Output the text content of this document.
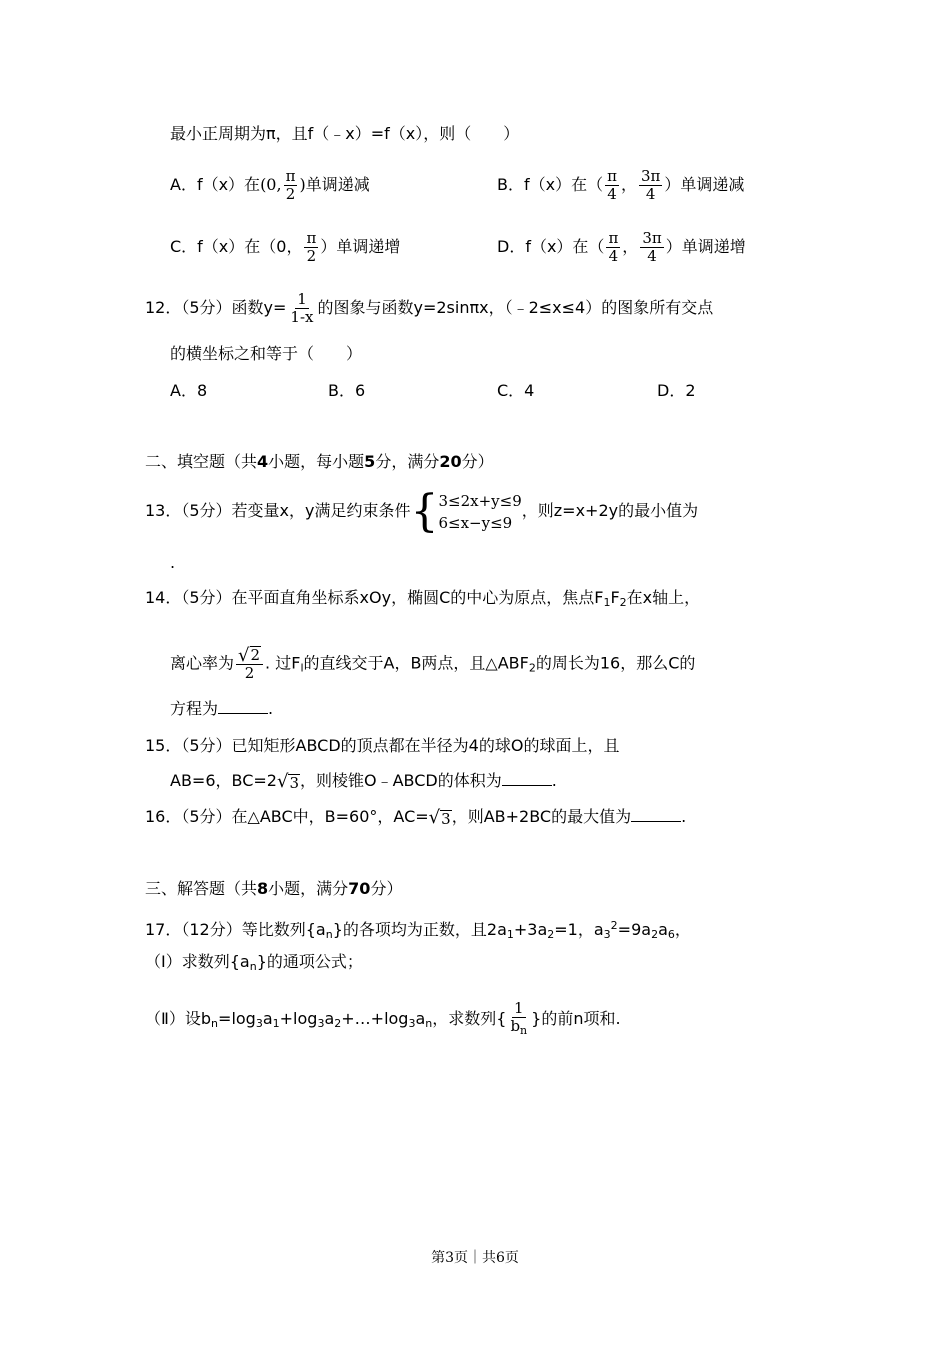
最小正周期为π，且f（﹣x）=f（x），则（　　）
A．f（x）在(0, $\frac{\pi}{2}$ )单调递减	B．f（x）在（ $\frac{\pi}{4}$ ， $\frac{3\pi}{4}$ ）单调递减
C．f（x）在（0， $\frac{\pi}{2}$ ）单调递增	D．f（x）在（ $\frac{\pi}{4}$ ， $\frac{3\pi}{4}$ ）单调递增
12．（5分）函数$y= \frac{1}{1-x}$ 的图象与函数y=2sinπx，（﹣2≤x≤4）的图象所有交点
的横坐标之和等于（　　）
A．8	B．6	C．4	D．2
二、填空题（共4小题，每小题5分，满分20分）
13．（5分）若变量x，y满足约束条件 { 3≤2x+y≤9
6≤x−y≤9
，则z=x+2y的最小值为
.
14．（5分）在平面直角坐标系xOy，椭圆C的中心为原点，焦点$F_1F_2$在x轴上，
离心率为 $\frac{√ 2}{2}$ . 过$F_l$的直线交于A，B两点，且$\triangle ABF_2$的周长为16，那么C的
方程为	.
15．（5分）已知矩形ABCD的顶点都在半径为4的球O的球面上，且
AB=6，BC=2 √ 3 ，则棱锥O﹣ABCD的体积为	.
16．（5分）在△ABC中，B=60°，AC= √ 3 ，则AB+2BC的最大值为	.
三、解答题（共8小题，满分70分）
17．（12分）等比数列$\{a_n\}$的各项均为正数，且$2a_1+3a_2=1$，$a_3^2=9a_2a_6$，
（Ⅰ）求数列$\{a_n\}$的通项公式；
（Ⅱ）设$b_n=\log_3a_1+\log_3a_2+\dots+\log_3a_n$，求数列{ $\frac{1}{b_n}$ }的前n项和.
第3页｜共6页
